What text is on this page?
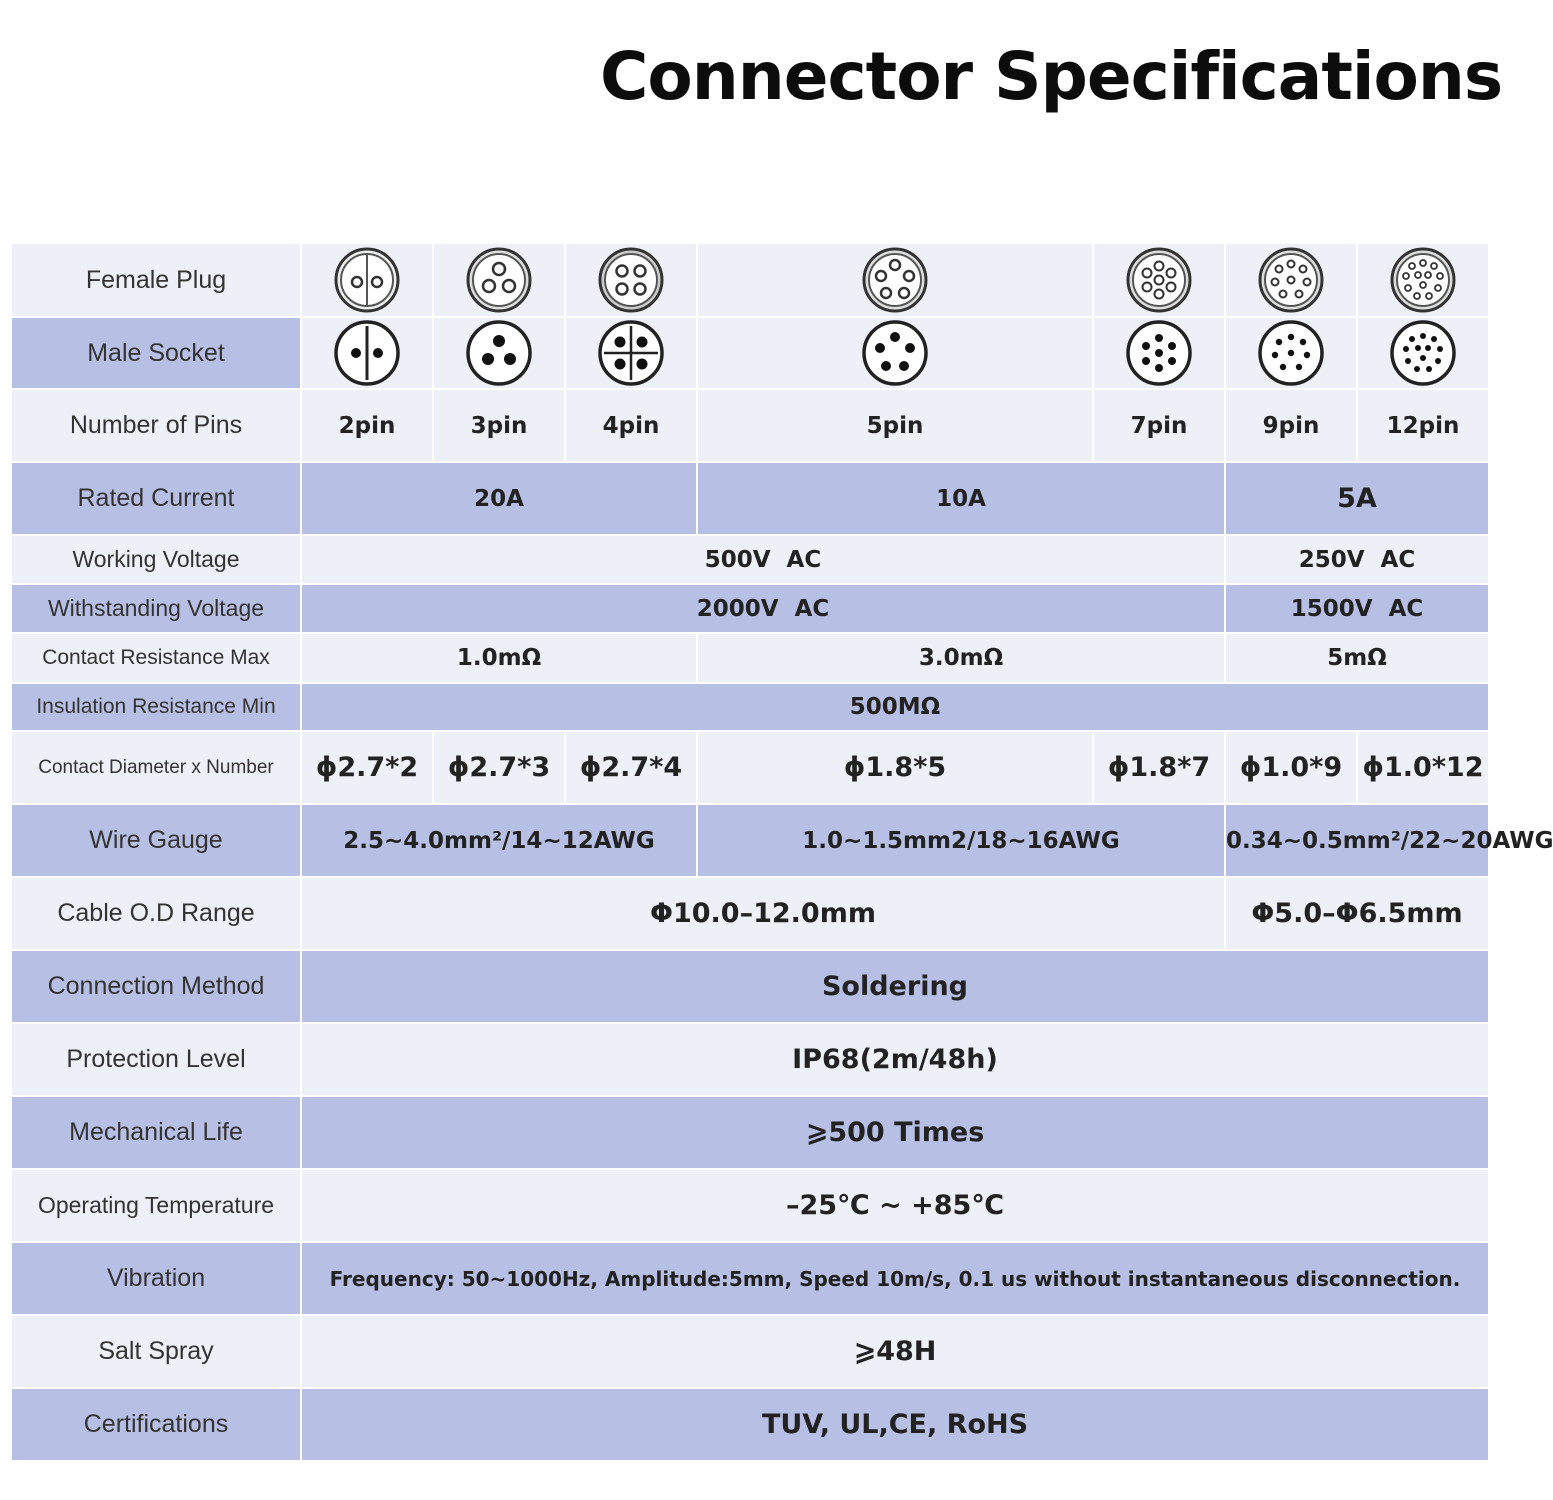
Connector Specifications
Female Plug	

Male Socket	

Number of Pins	2pin	3pin	4pin	5pin	7pin	9pin	12pin	
Rated Current	20A			10A		5A		
Working Voltage	500V  AC					250V  AC		
Withstanding Voltage	2000V  AC					1500V  AC		
Contact Resistance Max	1.0mΩ			3.0mΩ		5mΩ		
Insulation Resistance Min	500MΩ							
Contact Diameter x Number	ϕ2.7*2	ϕ2.7*3	ϕ2.7*4	ϕ1.8*5	ϕ1.8*7	ϕ1.0*9	ϕ1.0*12	
Wire Gauge	2.5~4.0mm²/14~12AWG			1.0~1.5mm2/18~16AWG		0.34~0.5mm²/22~20AWG		
Cable O.D Range	Φ10.0–12.0mm					Φ5.0–Φ6.5mm	
Connection Method	Soldering							
Protection Level	IP68(2m/48h)							
Mechanical Life	⩾500 Times							
Operating Temperature	–25℃ ~ +85℃							
Vibration	Frequency: 50~1000Hz, Amplitude:5mm, Speed 10m/s, 0.1 us without instantaneous disconnection.							
Salt Spray	⩾48H							
Certifications	TUV, UL,CE, RoHS							
